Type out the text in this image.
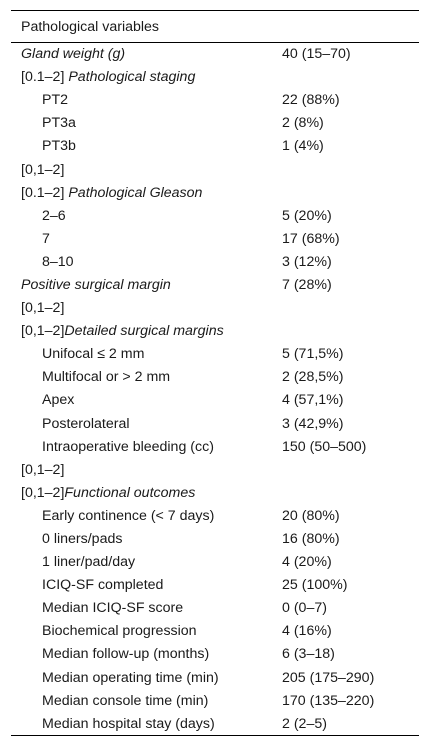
Pathological variables	
Gland weight (g)	40 (15–70)
[0.1–2] Pathological staging	
PT2	22 (88%)
PT3a	2 (8%)
PT3b	1 (4%)
[0,1–2]	
[0.1–2] Pathological Gleason	
2–6	5 (20%)
7	17 (68%)
8–10	3 (12%)
Positive surgical margin	7 (28%)
[0,1–2]	
[0,1–2]Detailed surgical margins	
Unifocal ≤ 2 mm	5 (71,5%)
Multifocal or > 2 mm	2 (28,5%)
Apex	4 (57,1%)
Posterolateral	3 (42,9%)
Intraoperative bleeding (cc)	150 (50–500)
[0,1–2]	
[0,1–2]Functional outcomes	
Early continence (< 7 days)	20 (80%)
0 liners/pads	16 (80%)
1 liner/pad/day	4 (20%)
ICIQ-SF completed	25 (100%)
Median ICIQ-SF score	0 (0–7)
Biochemical progression	4 (16%)
Median follow-up (months)	6 (3–18)
Median operating time (min)	205 (175–290)
Median console time (min)	170 (135–220)
Median hospital stay (days)	2 (2–5)
